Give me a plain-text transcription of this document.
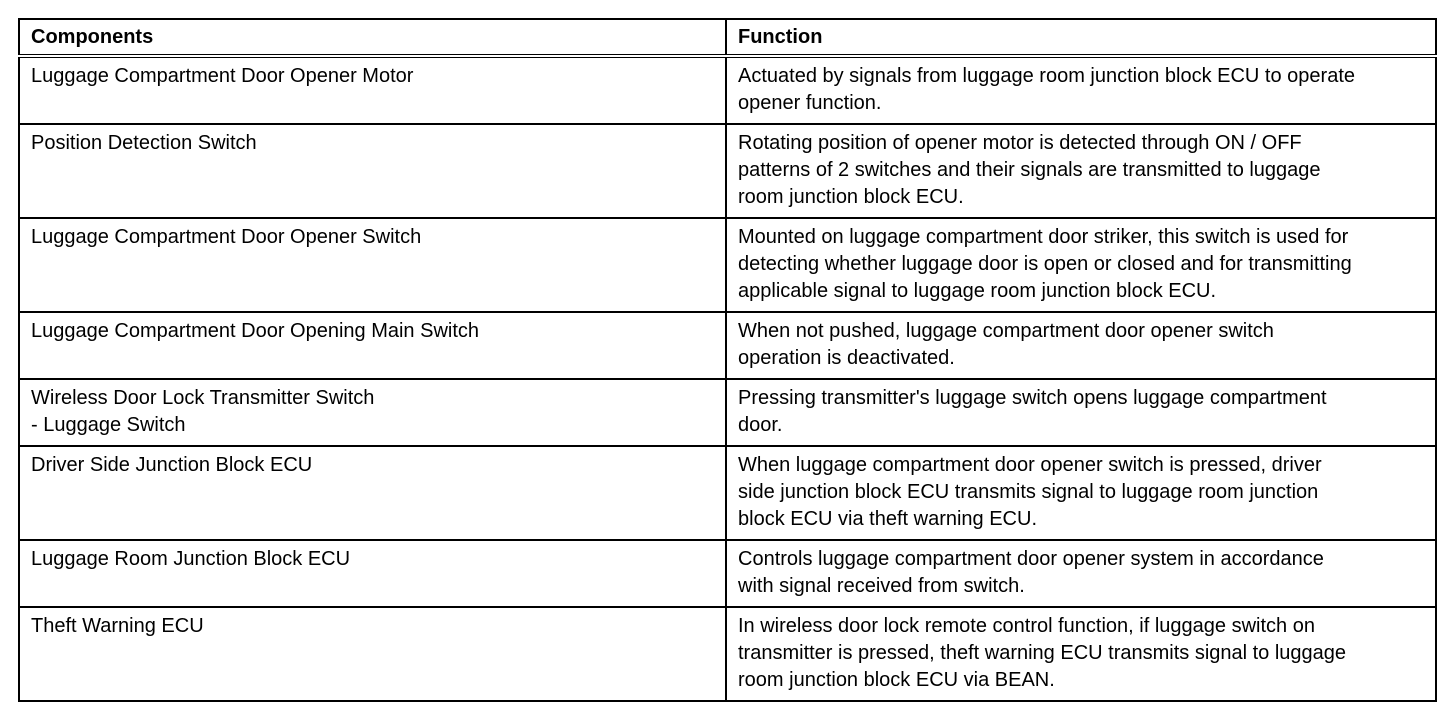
Components	Function

Luggage Compartment Door Opener Motor	Actuated by signals from luggage room junction block ECU to operate
opener function.

Position Detection Switch	Rotating position of opener motor is detected through ON / OFF
patterns of 2 switches and their signals are transmitted to luggage
room junction block ECU.

Luggage Compartment Door Opener Switch	Mounted on luggage compartment door striker, this switch is used for
detecting whether luggage door is open or closed and for transmitting
applicable signal to luggage room junction block ECU.

Luggage Compartment Door Opening Main Switch	When not pushed, luggage compartment door opener switch
operation is deactivated.

Wireless Door Lock Transmitter Switch
- Luggage Switch	Pressing transmitter's luggage switch opens luggage compartment
door.

Driver Side Junction Block ECU	When luggage compartment door opener switch is pressed, driver
side junction block ECU transmits signal to luggage room junction
block ECU via theft warning ECU.

Luggage Room Junction Block ECU	Controls luggage compartment door opener system in accordance
with signal received from switch.

Theft Warning ECU	In wireless door lock remote control function, if luggage switch on
transmitter is pressed, theft warning ECU transmits signal to luggage
room junction block ECU via BEAN.
